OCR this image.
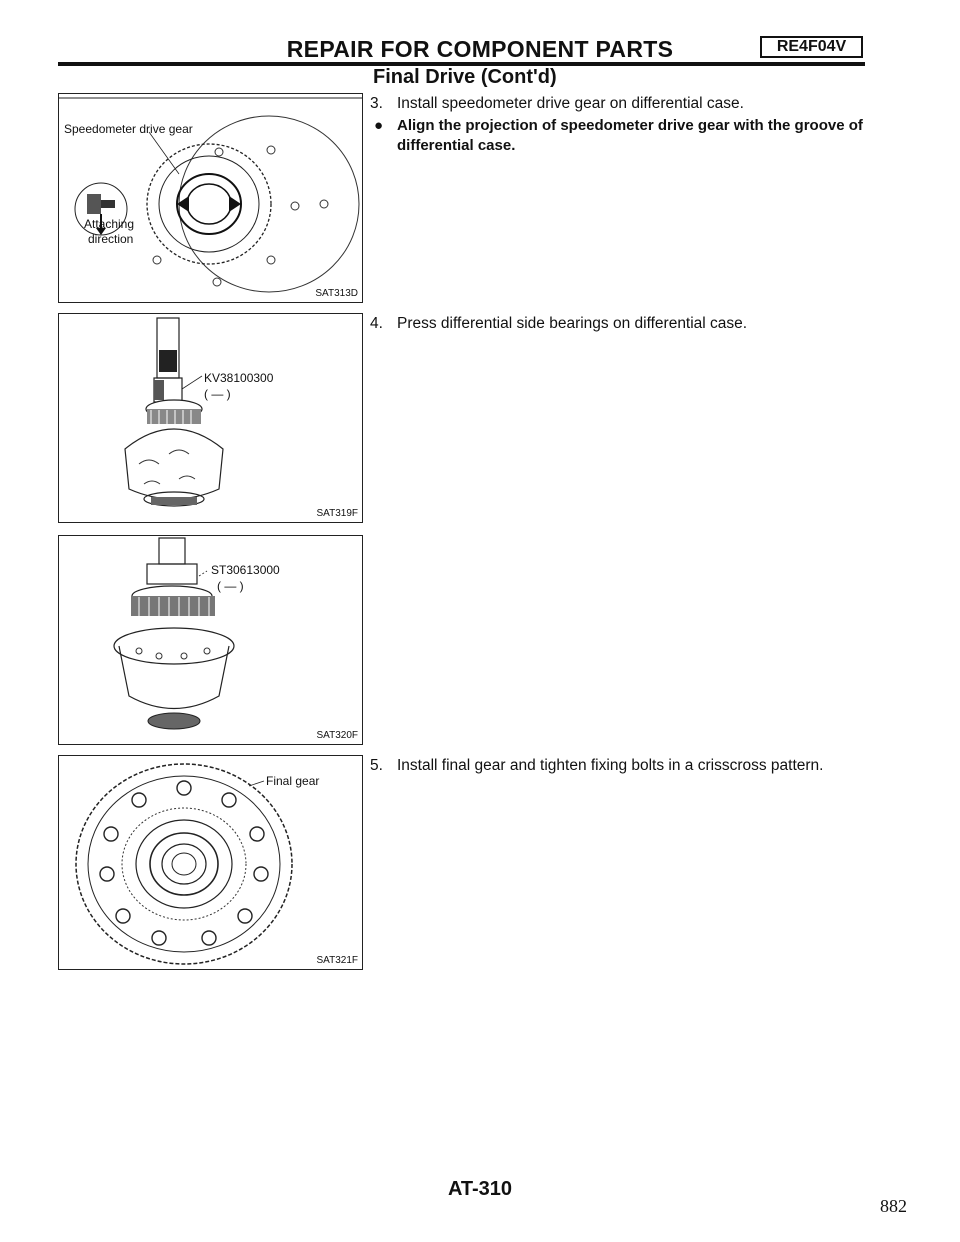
REPAIR FOR COMPONENT PARTS	RE4F04V
Final Drive (Cont'd)
Speedometer drive gear
Attaching
direction
SAT313D
KV38100300
( — )
SAT319F
ST30613000
( — )
SAT320F
Final gear
SAT321F
3. Install speedometer drive gear on differential case.
● Align the projection of speedometer drive gear with the groove of differential case.
4. Press differential side bearings on differential case.
5. Install final gear and tighten fixing bolts in a crisscross pattern.
AT-310
882
